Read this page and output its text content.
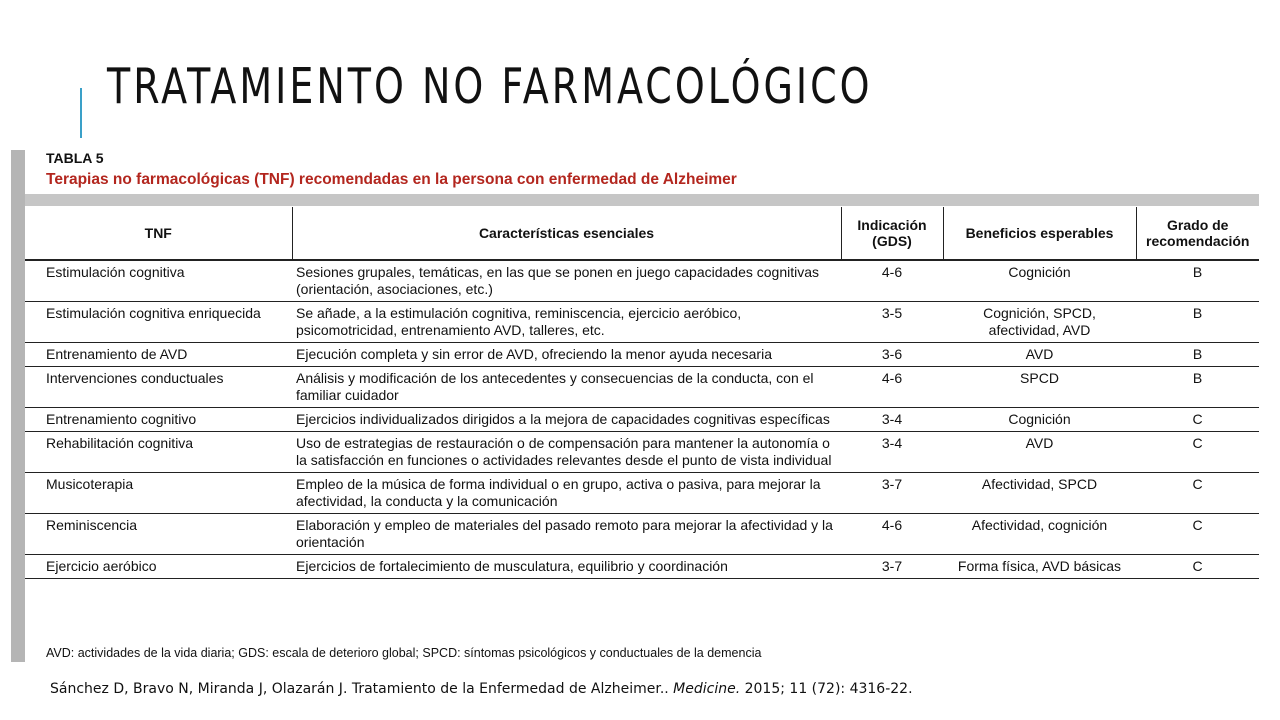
TRATAMIENTO NO FARMACOLÓGICO
TABLA 5
Terapias no farmacológicas (TNF) recomendadas en la persona con enfermedad de Alzheimer
TNF	Características esenciales	Indicación (GDS)	Beneficios esperables	Grado de recomendación
Estimulación cognitiva	Sesiones grupales, temáticas, en las que se ponen en juego capacidades cognitivas (orientación, asociaciones, etc.)	4-6	Cognición	B
Estimulación cognitiva enriquecida	Se añade, a la estimulación cognitiva, reminiscencia, ejercicio aeróbico, psicomotricidad, entrenamiento AVD, talleres, etc.	3-5	Cognición, SPCD, afectividad, AVD	B
Entrenamiento de AVD	Ejecución completa y sin error de AVD, ofreciendo la menor ayuda necesaria	3-6	AVD	B
Intervenciones conductuales	Análisis y modificación de los antecedentes y consecuencias de la conducta, con el familiar cuidador	4-6	SPCD	B
Entrenamiento cognitivo	Ejercicios individualizados dirigidos a la mejora de capacidades cognitivas específicas	3-4	Cognición	C
Rehabilitación cognitiva	Uso de estrategias de restauración o de compensación para mantener la autonomía o la satisfacción en funciones o actividades relevantes desde el punto de vista individual	3-4	AVD	C
Musicoterapia	Empleo de la música de forma individual o en grupo, activa o pasiva, para mejorar la afectividad, la conducta y la comunicación	3-7	Afectividad, SPCD	C
Reminiscencia	Elaboración y empleo de materiales del pasado remoto para mejorar la afectividad y la orientación	4-6	Afectividad, cognición	C
Ejercicio aeróbico	Ejercicios de fortalecimiento de musculatura, equilibrio y coordinación	3-7	Forma física, AVD básicas	C
AVD: actividades de la vida diaria; GDS: escala de deterioro global; SPCD: síntomas psicológicos y conductuales de la demencia
Sánchez D, Bravo N, Miranda J, Olazarán J. Tratamiento de la Enfermedad de Alzheimer.. Medicine. 2015; 11 (72): 4316-22.
